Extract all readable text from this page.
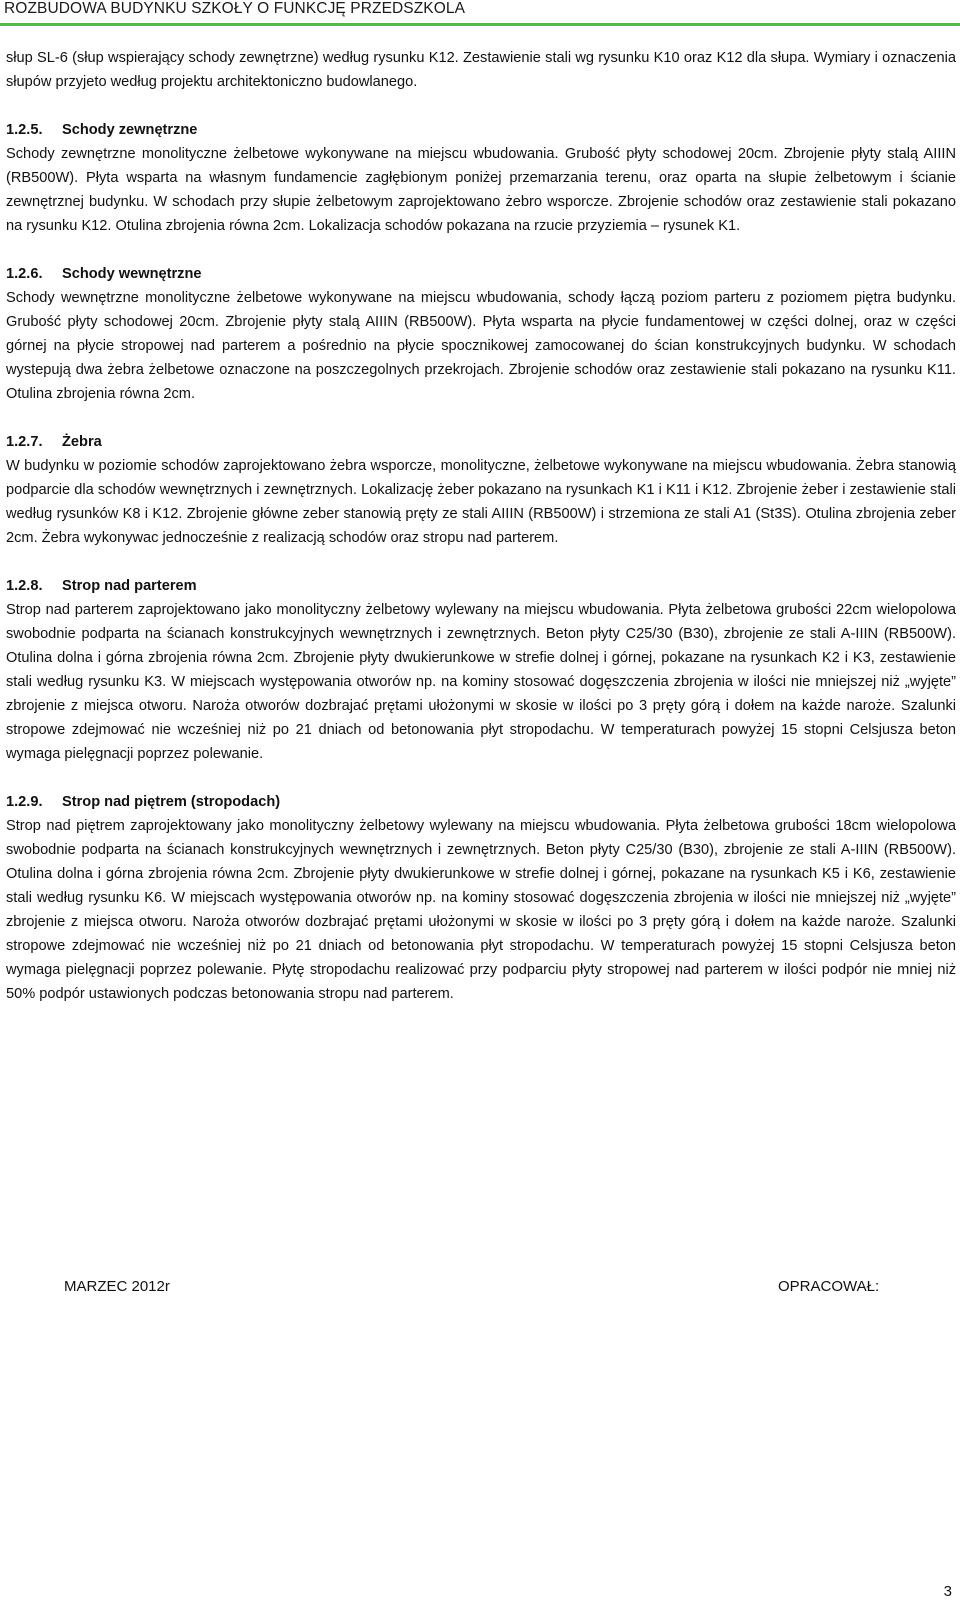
ROZBUDOWA BUDYNKU SZKOŁY O FUNKCJĘ PRZEDSZKOLA

słup SL-6 (słup wspierający schody zewnętrzne) według rysunku K12. Zestawienie stali wg rysunku K10 oraz K12 dla słupa. Wymiary i oznaczenia słupów przyjeto według projektu architektoniczno budowlanego.

1.2.5. Schody zewnętrzne

Schody zewnętrzne monolityczne żelbetowe wykonywane na miejscu wbudowania. Grubość płyty schodowej 20cm. Zbrojenie płyty stalą AIIIN (RB500W). Płyta wsparta na własnym fundamencie zagłębionym poniżej przemarzania terenu, oraz oparta na słupie żelbetowym i ścianie zewnętrznej budynku. W schodach przy słupie żelbetowym zaprojektowano żebro wsporcze. Zbrojenie schodów oraz zestawienie stali pokazano na rysunku K12. Otulina zbrojenia równa 2cm. Lokalizacja schodów pokazana na rzucie przyziemia – rysunek K1.

1.2.6. Schody wewnętrzne

Schody wewnętrzne monolityczne żelbetowe wykonywane na miejscu wbudowania, schody łączą poziom parteru z poziomem piętra budynku. Grubość płyty schodowej 20cm. Zbrojenie płyty stalą AIIIN (RB500W). Płyta wsparta na płycie fundamentowej w części dolnej, oraz w części górnej na płycie stropowej nad parterem a pośrednio na płycie spocznikowej zamocowanej do ścian konstrukcyjnych budynku. W schodach wystepują dwa żebra żelbetowe oznaczone na poszczegolnych przekrojach. Zbrojenie schodów oraz zestawienie stali pokazano na rysunku K11. Otulina zbrojenia równa 2cm.

1.2.7. Żebra

W budynku w poziomie schodów zaprojektowano żebra wsporcze, monolityczne, żelbetowe wykonywane na miejscu wbudowania. Żebra stanowią podparcie dla schodów wewnętrznych i zewnętrznych. Lokalizację żeber pokazano na rysunkach K1 i K11 i K12. Zbrojenie żeber i zestawienie stali według rysunków K8 i K12. Zbrojenie główne zeber stanowią pręty ze stali AIIIN (RB500W) i strzemiona ze stali A1 (St3S). Otulina zbrojenia zeber 2cm. Żebra wykonywac jednocześnie z realizacją schodów oraz stropu nad parterem.

1.2.8. Strop nad parterem

Strop nad parterem zaprojektowano jako monolityczny żelbetowy wylewany na miejscu wbudowania. Płyta żelbetowa grubości 22cm wielopolowa swobodnie podparta na ścianach konstrukcyjnych wewnętrznych i zewnętrznych. Beton płyty C25/30 (B30), zbrojenie ze stali A-IIIN (RB500W). Otulina dolna i górna zbrojenia równa 2cm. Zbrojenie płyty dwukierunkowe w strefie dolnej i górnej, pokazane na rysunkach K2 i K3, zestawienie stali według rysunku K3. W miejscach występowania otworów np. na kominy stosować dogęszczenia zbrojenia w ilości nie mniejszej niż „wyjęte” zbrojenie z miejsca otworu. Naroża otworów dozbrajać prętami ułożonymi w skosie w ilości po 3 pręty górą i dołem na każde naroże. Szalunki stropowe zdejmować nie wcześniej niż po 21 dniach od betonowania płyt stropodachu. W temperaturach powyżej 15 stopni Celsjusza beton wymaga pielęgnacji poprzez polewanie.

1.2.9. Strop nad piętrem (stropodach)

Strop nad piętrem zaprojektowany jako monolityczny żelbetowy wylewany na miejscu wbudowania. Płyta żelbetowa grubości 18cm wielopolowa swobodnie podparta na ścianach konstrukcyjnych wewnętrznych i zewnętrznych. Beton płyty C25/30 (B30), zbrojenie ze stali A-IIIN (RB500W). Otulina dolna i górna zbrojenia równa 2cm. Zbrojenie płyty dwukierunkowe w strefie dolnej i górnej, pokazane na rysunkach K5 i K6, zestawienie stali według rysunku K6. W miejscach występowania otworów np. na kominy stosować dogęszczenia zbrojenia w ilości nie mniejszej niż „wyjęte” zbrojenie z miejsca otworu. Naroża otworów dozbrajać prętami ułożonymi w skosie w ilości po 3 pręty górą i dołem na każde naroże. Szalunki stropowe zdejmować nie wcześniej niż po 21 dniach od betonowania płyt stropodachu. W temperaturach powyżej 15 stopni Celsjusza beton wymaga pielęgnacji poprzez polewanie. Płytę stropodachu realizować przy podparciu płyty stropowej nad parterem w ilości podpór nie mniej niż 50% podpór ustawionych podczas betonowania stropu nad parterem.

MARZEC 2012r	OPRACOWAŁ:
3
